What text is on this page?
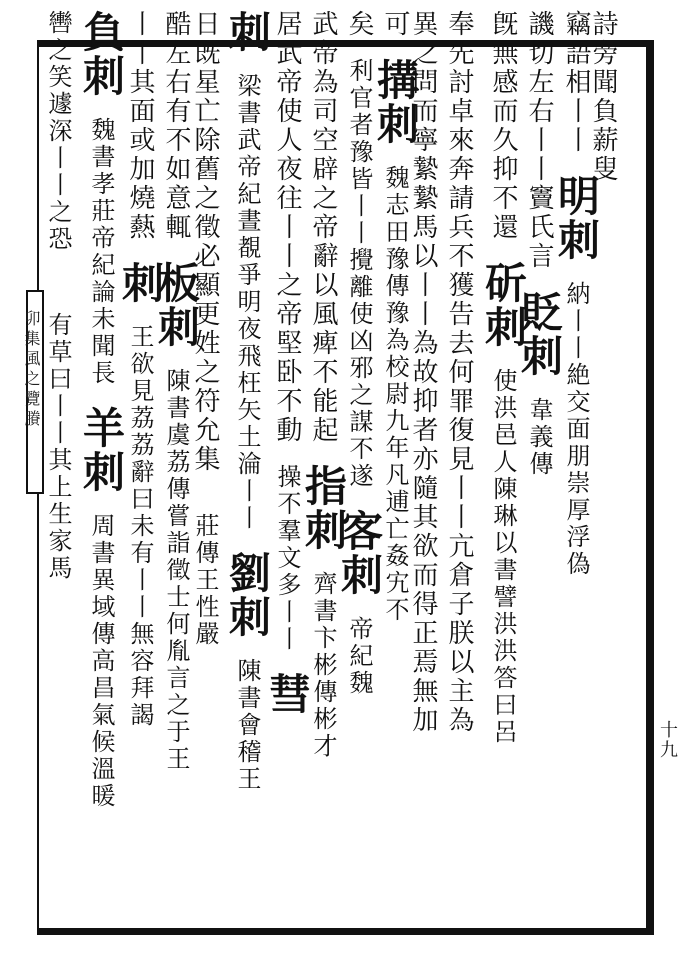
卯集風之覽賸
十九
詩旁聞負薪叟
竊語相丨丨 明刺 納丨丨絶交面朋崇厚浮偽
譏切左右丨丨竇氏言 貶刺 韋義傳
旣無感而久抑不還 斫刺 使洪邑人陳琳以書譬洪洪答曰呂
奉先討卓來奔請兵不獲告去何罪復見丨丨亢倉子朕以主為
異之問而寧縶縶馬以丨丨為故抑者亦隨其欲而得正焉無加
可 搆刺 魏志田豫傳豫為校尉九年凡逋亡姦宄不
矣 利官者豫皆丨丨攪離使凶邪之謀不遂 客刺 帝紀魏
武帝為司空辟之帝辭以風痺不能起 指刺 齊書卞彬傳彬才
居武帝使人夜往丨丨之帝堅卧不動 操不羣文多丨丨 彗
刺 梁書武帝紀晝覩爭明夜飛枉矢土淪丨丨 劉刺 陳書會稽王
日既星亡除舊之徵必顯更姓之符允集 莊傳王性嚴
酷左右有不如意輒 板刺 陳書虞荔傳嘗詣徵士何胤言之于王
丨丨其面或加燒爇 刺 王欲見荔荔辭曰未有丨丨無容拜謁
負刺 魏書孝莊帝紀論未聞長 羊刺 周書異域傳高昌氣候溫暖
轡之笑遽深丨丨之恐 有草曰丨丨其上生家馬
